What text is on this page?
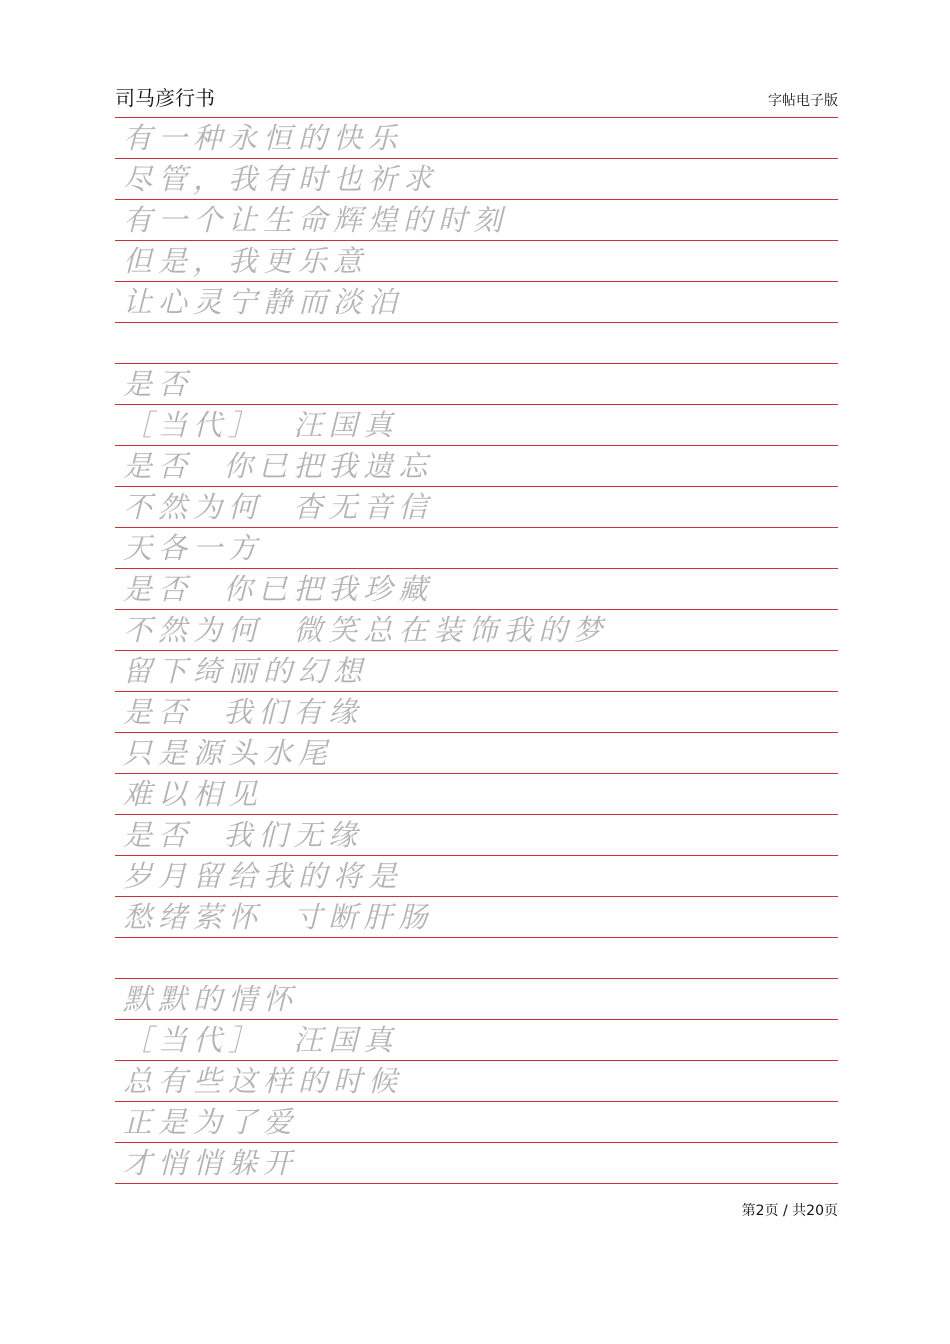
司马彦行书	字帖电子版
有一种永恒的快乐
尽管，我有时也祈求
有一个让生命辉煌的时刻
但是，我更乐意
让心灵宁静而淡泊
是否
［当代］  汪国真
是否  你已把我遗忘
不然为何  杳无音信
天各一方
是否  你已把我珍藏
不然为何  微笑总在装饰我的梦
留下绮丽的幻想
是否  我们有缘
只是源头水尾
难以相见
是否  我们无缘
岁月留给我的将是
愁绪萦怀  寸断肝肠
默默的情怀
［当代］  汪国真
总有些这样的时候
正是为了爱
才悄悄躲开
第2页 / 共20页
